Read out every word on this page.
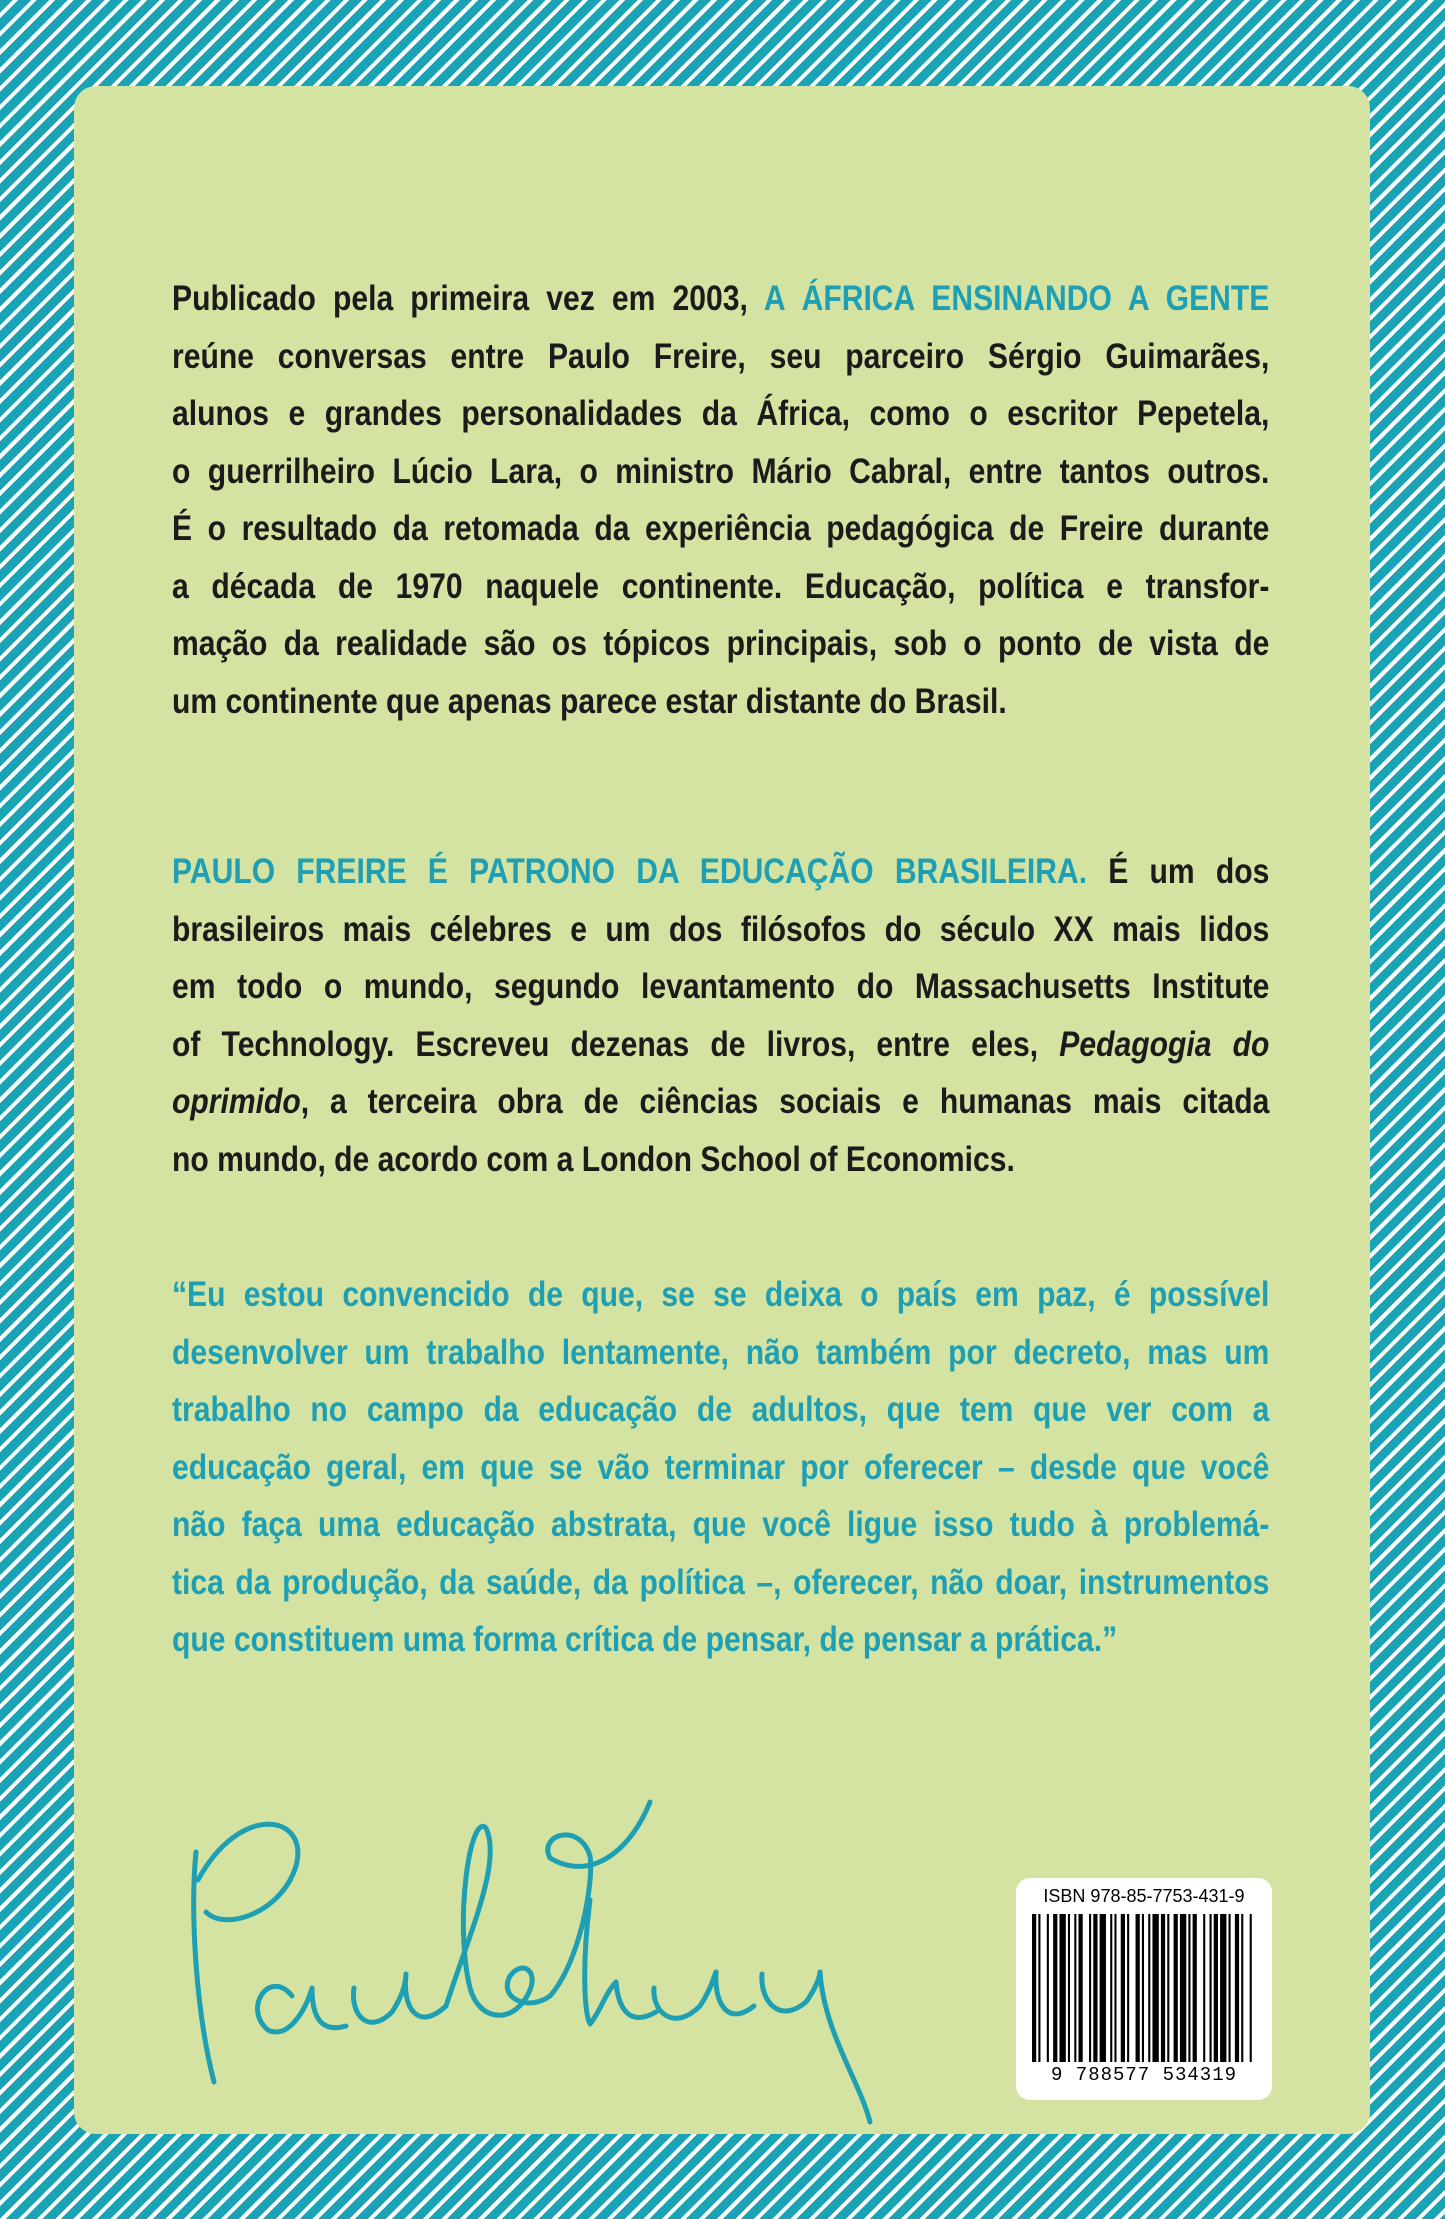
Publicado pela primeira vez em 2003, A ÁFRICA ENSINANDO A GENTE
reúne conversas entre Paulo Freire, seu parceiro Sérgio Guimarães,
alunos e grandes personalidades da África, como o escritor Pepetela,
o guerrilheiro Lúcio Lara, o ministro Mário Cabral, entre tantos outros.
É o resultado da retomada da experiência pedagógica de Freire durante
a década de 1970 naquele continente. Educação, política e transfor-
mação da realidade são os tópicos principais, sob o ponto de vista de
um continente que apenas parece estar distante do Brasil.
PAULO FREIRE É PATRONO DA EDUCAÇÃO BRASILEIRA. É um dos
brasileiros mais célebres e um dos filósofos do século XX mais lidos
em todo o mundo, segundo levantamento do Massachusetts Institute
of Technology. Escreveu dezenas de livros, entre eles, Pedagogia do
oprimido, a terceira obra de ciências sociais e humanas mais citada
no mundo, de acordo com a London School of Economics.
“Eu estou convencido de que, se se deixa o país em paz, é possível
desenvolver um trabalho lentamente, não também por decreto, mas um
trabalho no campo da educação de adultos, que tem que ver com a
educação geral, em que se vão terminar por oferecer – desde que você
não faça uma educação abstrata, que você ligue isso tudo à problemá-
tica da produção, da saúde, da política –, oferecer, não doar, instrumentos
que constituem uma forma crítica de pensar, de pensar a prática.”
ISBN 978-85-7753-431-9
9 788577 534319
